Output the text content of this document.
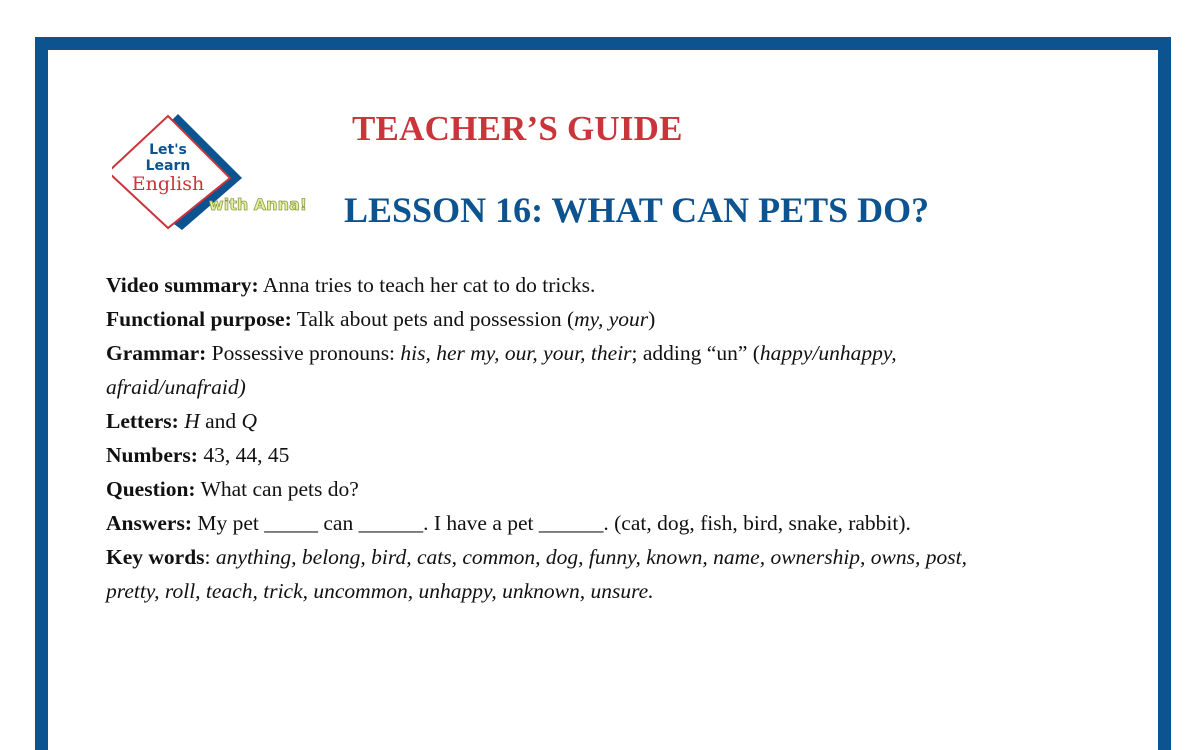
Let's
Learn
English
with Anna!
TEACHER’S GUIDE
LESSON 16: WHAT CAN PETS DO?

Video summary: Anna tries to teach her cat to do tricks.

Functional purpose: Talk about pets and possession (my, your)

Grammar: Possessive pronouns: his, her my, our, your, their; adding “un” (happy/unhappy,
afraid/unafraid)

Letters: H and Q

Numbers: 43, 44, 45

Question: What can pets do?

Answers: My pet _____ can ______. I have a pet ______. (cat, dog, fish, bird, snake, rabbit).

Key words: anything, belong, bird, cats, common, dog, funny, known, name, ownership, owns, post,
pretty, roll, teach, trick, uncommon, unhappy, unknown, unsure.
